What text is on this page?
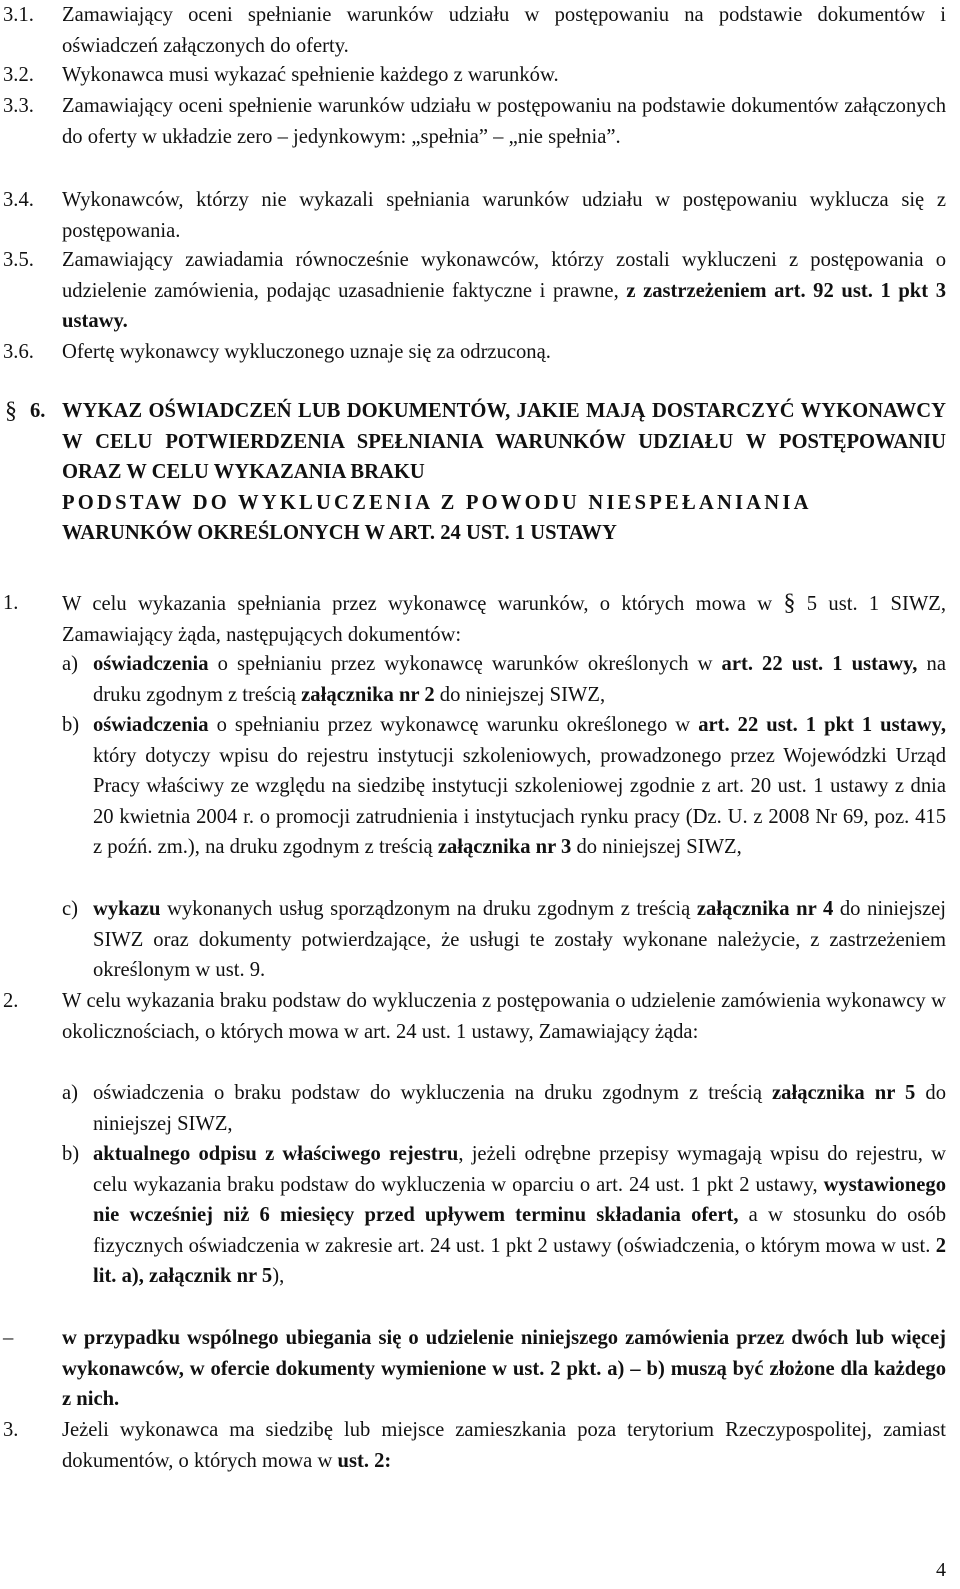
3.1. Zamawiający oceni spełnianie warunków udziału w postępowaniu na podstawie dokumentów i oświadczeń załączonych do oferty.
3.2. Wykonawca musi wykazać spełnienie każdego z warunków.
3.3. Zamawiający oceni spełnienie warunków udziału w postępowaniu na podstawie dokumentów załączonych do oferty w układzie zero – jedynkowym: „spełnia” – „nie spełnia”.
3.4. Wykonawców, którzy nie wykazali spełniania warunków udziału w postępowaniu wyklucza się z postępowania.
3.5. Zamawiający zawiadamia równocześnie wykonawców, którzy zostali wykluczeni z postępowania o udzielenie zamówienia, podając uzasadnienie faktyczne i prawne, z zastrzeżeniem art. 92 ust. 1 pkt 3 ustawy.
3.6. Ofertę wykonawcy wykluczonego uznaje się za odrzuconą.
§ 6. WYKAZ OŚWIADCZEŃ LUB DOKUMENTÓW, JAKIE MAJĄ DOSTARCZYĆ WYKONAWCY W CELU POTWIERDZENIA SPEŁNIANIA WARUNKÓW UDZIAŁU W POSTĘPOWANIU ORAZ W CELU WYKAZANIA BRAKU
PODSTAW DO WYKLUCZENIA Z POWODU NIESPEŁANIANIA
WARUNKÓW OKREŚLONYCH W ART. 24 UST. 1 USTAWY
1. W celu wykazania spełniania przez wykonawcę warunków, o których mowa w § 5 ust. 1 SIWZ, Zamawiający żąda, następujących dokumentów:
a) oświadczenia o spełnianiu przez wykonawcę warunków określonych w art. 22 ust. 1 ustawy, na druku zgodnym z treścią załącznika nr 2 do niniejszej SIWZ,
b) oświadczenia o spełnianiu przez wykonawcę warunku określonego w art. 22 ust. 1 pkt 1 ustawy, który dotyczy wpisu do rejestru instytucji szkoleniowych, prowadzonego przez Wojewódzki Urząd Pracy właściwy ze względu na siedzibę instytucji szkoleniowej zgodnie z art. 20 ust. 1 ustawy z dnia 20 kwietnia 2004 r. o promocji zatrudnienia i instytucjach rynku pracy (Dz. U. z 2008 Nr 69, poz. 415 z poźń. zm.), na druku zgodnym z treścią załącznika nr 3 do niniejszej SIWZ,
c) wykazu wykonanych usług sporządzonym na druku zgodnym z treścią załącznika nr 4 do niniejszej SIWZ oraz dokumenty potwierdzające, że usługi te zostały wykonane należycie, z zastrzeżeniem określonym w ust. 9.
2. W celu wykazania braku podstaw do wykluczenia z postępowania o udzielenie zamówienia wykonawcy w okolicznościach, o których mowa w art. 24 ust. 1 ustawy, Zamawiający żąda:
a) oświadczenia o braku podstaw do wykluczenia na druku zgodnym z treścią załącznika nr 5 do niniejszej SIWZ,
b) aktualnego odpisu z właściwego rejestru, jeżeli odrębne przepisy wymagają wpisu do rejestru, w celu wykazania braku podstaw do wykluczenia w oparciu o art. 24 ust. 1 pkt 2 ustawy, wystawionego nie wcześniej niż 6 miesięcy przed upływem terminu składania ofert, a w stosunku do osób fizycznych oświadczenia w zakresie art. 24 ust. 1 pkt 2 ustawy (oświadczenia, o którym mowa w ust. 2 lit. a), załącznik nr 5),
– w przypadku wspólnego ubiegania się o udzielenie niniejszego zamówienia przez dwóch lub więcej wykonawców, w ofercie dokumenty wymienione w ust. 2 pkt. a) – b) muszą być złożone dla każdego z nich.
3. Jeżeli wykonawca ma siedzibę lub miejsce zamieszkania poza terytorium Rzeczypospolitej, zamiast dokumentów, o których mowa w ust. 2:
4
